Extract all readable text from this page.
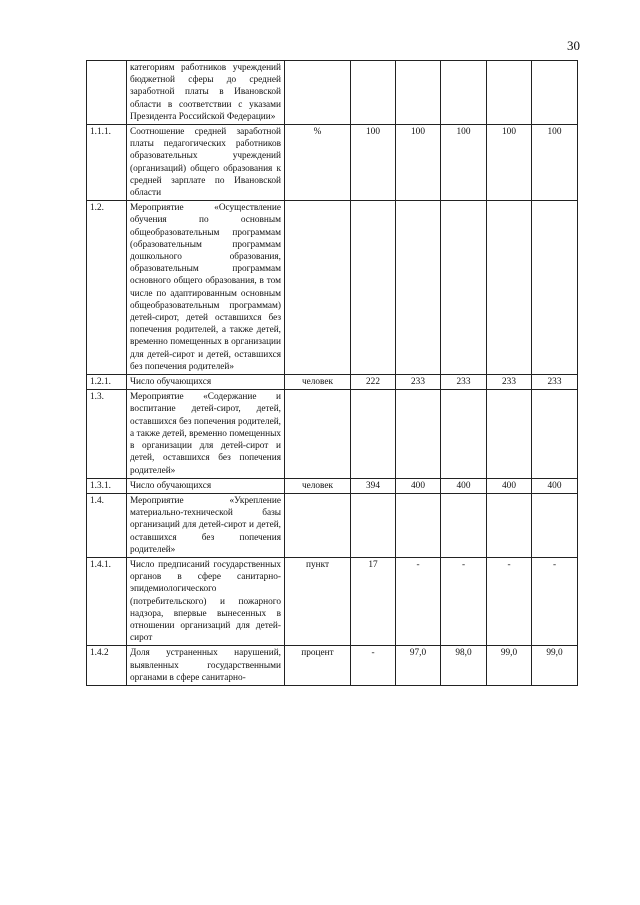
30
	категориям работников учреждений бюджетной сферы до средней заработной платы в Ивановской области в соответствии с указами Президента Российской Федерации»						
1.1.1.	Соотношение средней заработной платы педагогических работников образовательных учреждений (организаций) общего образования к средней зарплате по Ивановской области	%	100	100	100	100	100
1.2.	Мероприятие «Осуществление обучения по основным общеобразовательным программам (образовательным программам дошкольного образования, образовательным программам основного общего образования, в том числе по адаптированным основным общеобразовательным программам) детей-сирот, детей оставшихся без попечения родителей, а также детей, временно помещенных в организации для детей-сирот и детей, оставшихся без попечения родителей»						
1.2.1.	Число обучающихся	человек	222	233	233	233	233
1.3.	Мероприятие «Содержание и воспитание детей-сирот, детей, оставшихся без попечения родителей, а также детей, временно помещенных в организации для детей-сирот и детей, оставшихся без попечения родителей»						
1.3.1.	Число обучающихся	человек	394	400	400	400	400
1.4.	Мероприятие «Укрепление материально-технической базы организаций для детей-сирот и детей, оставшихся без попечения родителей»						
1.4.1.	Число предписаний государственных органов в сфере санитарно-эпидемиологического (потребительского) и пожарного надзора, впервые вынесенных в отношении организаций для детей-сирот	пункт	17	-	-	-	-
1.4.2	Доля устраненных нарушений, выявленных государственными органами в сфере санитарно-	процент	-	97,0	98,0	99,0	99,0
